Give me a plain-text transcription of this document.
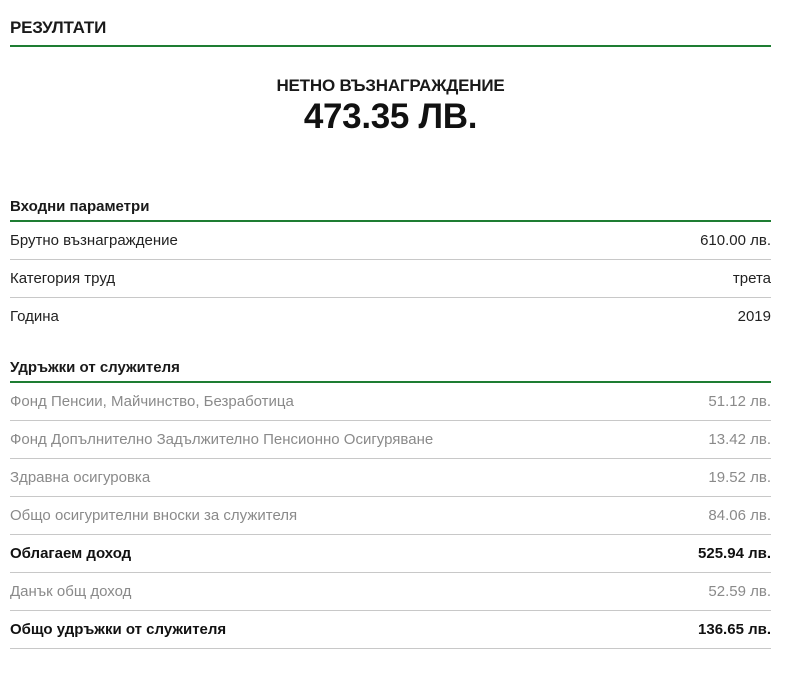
РЕЗУЛТАТИ
НЕТНО ВЪЗНАГРАЖДЕНИЕ
473.35 ЛВ.
Входни параметри
Брутно възнаграждение	610.00 лв.
Категория труд	трета
Година	2019
Удръжки от служителя
Фонд Пенсии, Майчинство, Безработица	51.12 лв.
Фонд Допълнително Задължително Пенсионно Осигуряване	13.42 лв.
Здравна осигуровка	19.52 лв.
Общо осигурителни вноски за служителя	84.06 лв.
Облагаем доход	525.94 лв.
Данък общ доход	52.59 лв.
Общо удръжки от служителя	136.65 лв.
